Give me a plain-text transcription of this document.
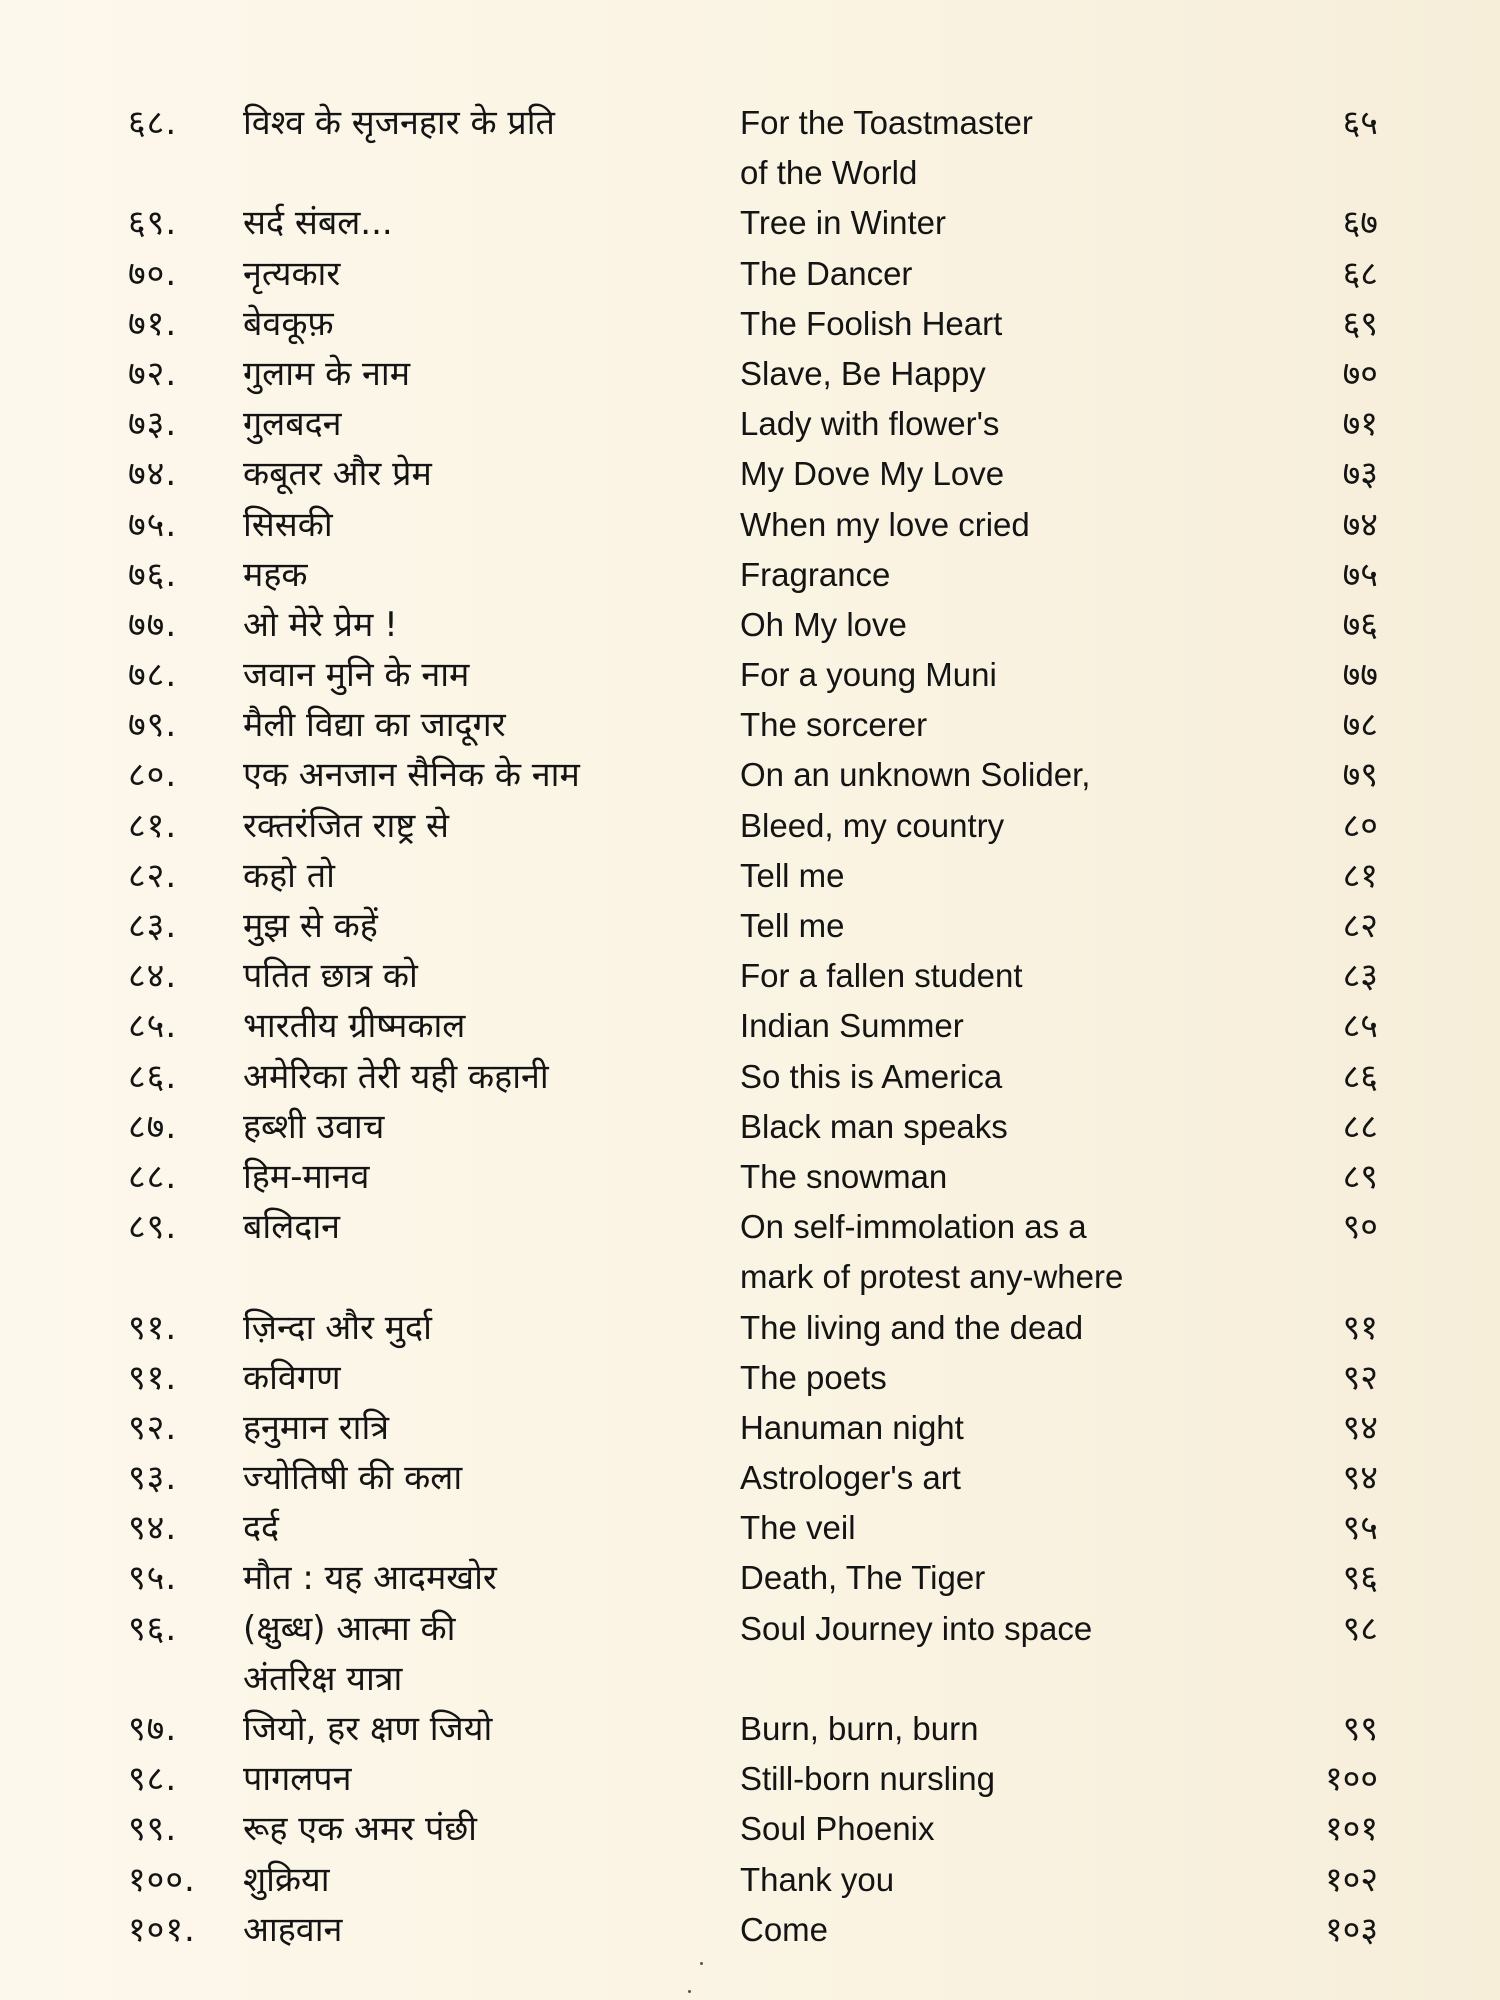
६८. विश्व के सृजनहार के प्रति	For the Toastmaster	६५
of the World
६९. सर्द संबल...	Tree in Winter	६७
७०. नृत्यकार	The Dancer	६८
७१. बेवकूफ़	The Foolish Heart	६९
७२. गुलाम के नाम	Slave, Be Happy	७०
७३. गुलबदन	Lady with flower's	७१
७४. कबूतर और प्रेम	My Dove My Love	७३
७५. सिसकी	When my love cried	७४
७६. महक	Fragrance	७५
७७. ओ मेरे प्रेम !	Oh My love	७६
७८. जवान मुनि के नाम	For a young Muni	७७
७९. मैली विद्या का जादूगर	The sorcerer	७८
८०. एक अनजान सैनिक के नाम	On an unknown Solider,	७९
८१. रक्तरंजित राष्ट्र से	Bleed, my country	८०
८२. कहो तो	Tell me	८१
८३. मुझ से कहें	Tell me	८२
८४. पतित छात्र को	For a fallen student	८३
८५. भारतीय ग्रीष्मकाल	Indian Summer	८५
८६. अमेरिका तेरी यही कहानी	So this is America	८६
८७. हब्शी उवाच	Black man speaks	८८
८८. हिम-मानव	The snowman	८९
८९. बलिदान	On self-immolation as a	९०
mark of protest any-where
९१. ज़िन्दा और मुर्दा	The living and the dead	९१
९१. कविगण	The poets	९२
९२. हनुमान रात्रि	Hanuman night	९४
९३. ज्योतिषी की कला	Astrologer's art	९४
९४. दर्द	The veil	९५
९५. मौत : यह आदमखोर	Death, The Tiger	९६
९६. (क्षुब्ध) आत्मा की	Soul Journey into space	९८
अंतरिक्ष यात्रा
९७. जियो, हर क्षण जियो	Burn, burn, burn	९९
९८. पागलपन	Still-born nursling	१००
९९. रूह एक अमर पंछी	Soul Phoenix	१०१
१००. शुक्रिया	Thank you	१०२
१०१. आहवान	Come	१०३
